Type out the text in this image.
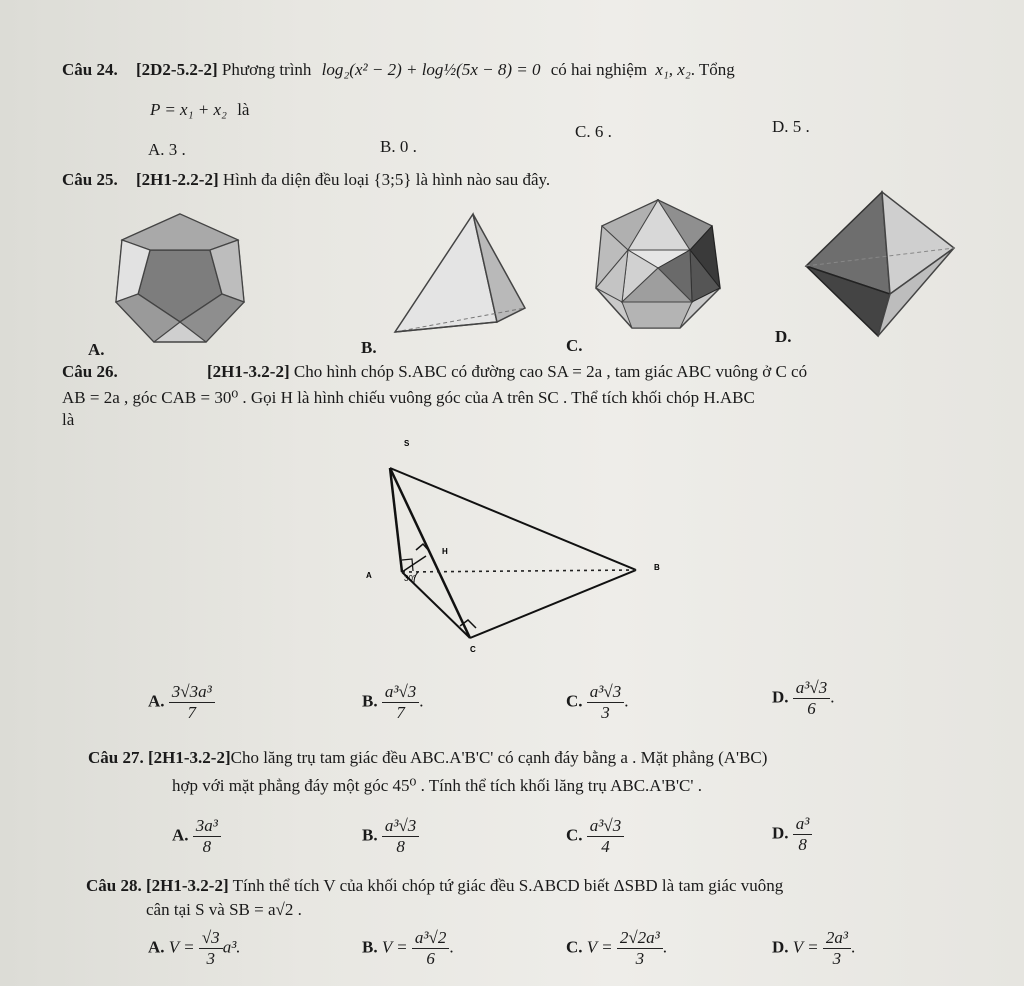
Câu 24. [2D2-5.2-2] Phương trình log₂(x² − 2) + log½(5x − 8) = 0 có hai nghiệm x₁, x₂. Tổng
P = x₁ + x₂ là
A. 3 .	B. 0 .
C. 6 .	D. 5 .
Câu 25. [2H1-2.2-2] Hình đa diện đều loại {3;5} là hình nào sau đây.
A.	B.	C.	D.
Câu 26.	[2H1-3.2-2] Cho hình chóp S.ABC có đường cao SA = 2a , tam giác ABC vuông ở C có
AB = 2a , góc CAB = 30⁰ . Gọi H là hình chiếu vuông góc của A trên SC . Thể tích khối chóp H.ABC
là
S
H
A
B
C
30°
A. $\frac{\text{3√3a³}}{7}$	B. $\frac{\text{a³√3}}{7}$ .	C. $\frac{\text{a³√3}}{3}$ .	D. $\frac{\text{a³√3}}{6}$ .
Câu 27. [2H1-3.2-2]Cho lăng trụ tam giác đều ABC.A'B'C' có cạnh đáy bằng a . Mặt phẳng (A'BC)
hợp với mặt phẳng đáy một góc 45⁰ . Tính thể tích khối lăng trụ ABC.A'B'C' .
A. $\frac{\text{3a³}}{8}$	B. $\frac{\text{a³√3}}{8}$	C. $\frac{\text{a³√3}}{4}$	D. $\frac{\text{a³}}{8}$
Câu 28. [2H1-3.2-2] Tính thể tích V của khối chóp tứ giác đều S.ABCD biết ΔSBD là tam giác vuông
cân tại S và SB = a√2 .
A. $V = \frac{√3}{3} a^3$.	B. $V = \frac{\text{a³√2}}{6}$ .	C. $V = \frac{\text{2√2a³}}{3}$ .	D. $V = \frac{\text{2a³}}{3}$ .
